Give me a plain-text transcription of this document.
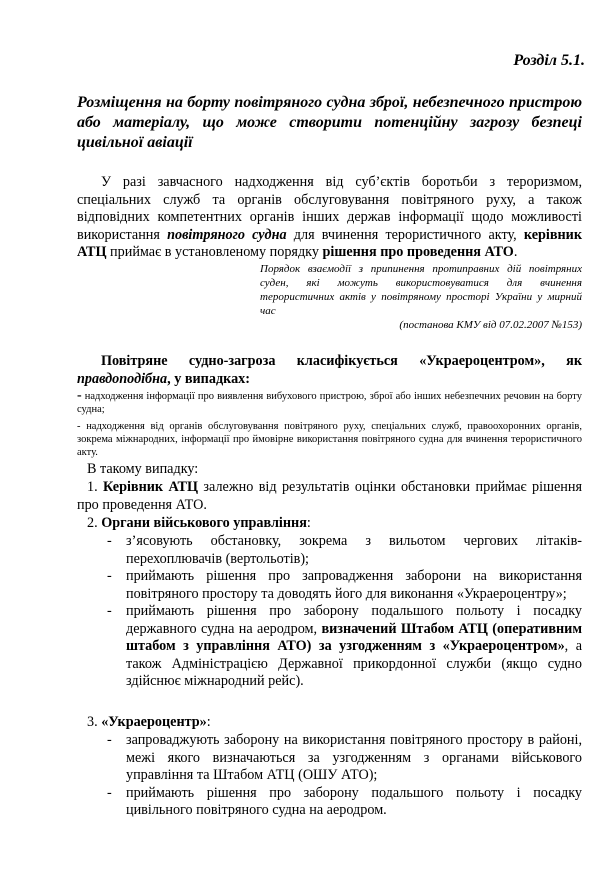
Розділ 5.1.
Розміщення на борту повітряного судна зброї, небезпечного пристрою або матеріалу, що може створити потенційну загрозу безпеці цивільної авіації
У разі завчасного надходження від суб’єктів боротьби з тероризмом, спеціальних служб та органів обслуговування повітряного руху, а також відповідних компетентних органів інших держав інформації щодо можливості використання повітряного судна для вчинення терористичного акту, керівник АТЦ приймає в установленому порядку рішення про проведення АТО.
Порядок взаємодії з припинення протиправних дій повітряних суден, які можуть використовуватися для вчинення терористичних актів у повітряному просторі України у мирний час
(постанова КМУ від 07.02.2007 №153)
Повітряне судно-загроза класифікується «Украероцентром», як правдоподібна, у випадках:
- надходження інформації про виявлення вибухового пристрою, зброї або інших небезпечних речовин на борту судна;
- надходження від органів обслуговування повітряного руху, спеціальних служб, правоохоронних органів, зокрема міжнародних, інформації про ймовірне використання повітряного судна для вчинення терористичного акту.
В такому випадку:
1. Керівник АТЦ залежно від результатів оцінки обстановки приймає рішення про проведення АТО.
2. Органи військового управління:
- з’ясовують обстановку, зокрема з вильотом чергових літаків-перехоплювачів (вертольотів);
- приймають рішення про запровадження заборони на використання повітряного простору та доводять його для виконання «Украероцентру»;
- приймають рішення про заборону подальшого польоту і посадку державного судна на аеродром, визначений Штабом АТЦ (оперативним штабом з управління АТО) за узгодженням з «Украероцентром», а також Адміністрацією Державної прикордонної служби (якщо судно здійснює міжнародний рейс).
3. «Украероцентр»:
- запроваджують заборону на використання повітряного простору в районі, межі якого визначаються за узгодженням з органами військового управління та Штабом АТЦ (ОШУ АТО);
- приймають рішення про заборону подальшого польоту і посадку цивільного повітряного судна на аеродром.
